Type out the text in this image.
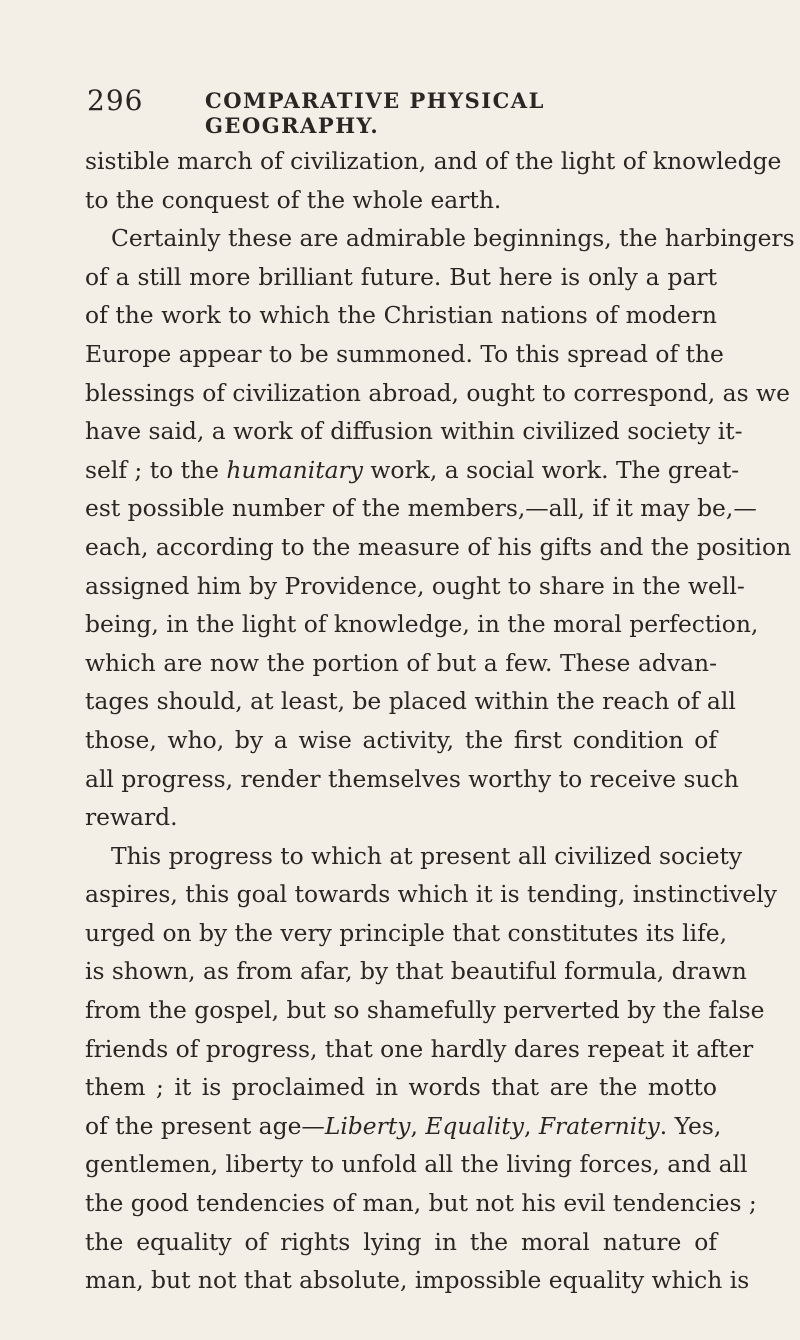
296	COMPARATIVE PHYSICAL GEOGRAPHY.
sistible march of civilization, and of the light of knowledge
to the conquest of the whole earth.
Certainly these are admirable beginnings, the harbingers
of a still more brilliant future. But here is only a part
of the work to which the Christian nations of modern
Europe appear to be summoned. To this spread of the
blessings of civilization abroad, ought to correspond, as we
have said, a work of diffusion within civilized society it-
self ; to the humanitary work, a social work. The great-
est possible number of the members,—all, if it may be,—
each, according to the measure of his gifts and the position
assigned him by Providence, ought to share in the well-
being, in the light of knowledge, in the moral perfection,
which are now the portion of but a few. These advan-
tages should, at least, be placed within the reach of all
those, who, by a wise activity, the first condition of
all progress, render themselves worthy to receive such
reward.
This progress to which at present all civilized society
aspires, this goal towards which it is tending, instinctively
urged on by the very principle that constitutes its life,
is shown, as from afar, by that beautiful formula, drawn
from the gospel, but so shamefully perverted by the false
friends of progress, that one hardly dares repeat it after
them ; it is proclaimed in words that are the motto
of the present age—Liberty, Equality, Fraternity. Yes,
gentlemen, liberty to unfold all the living forces, and all
the good tendencies of man, but not his evil tendencies ;
the equality of rights lying in the moral nature of
man, but not that absolute, impossible equality which is
